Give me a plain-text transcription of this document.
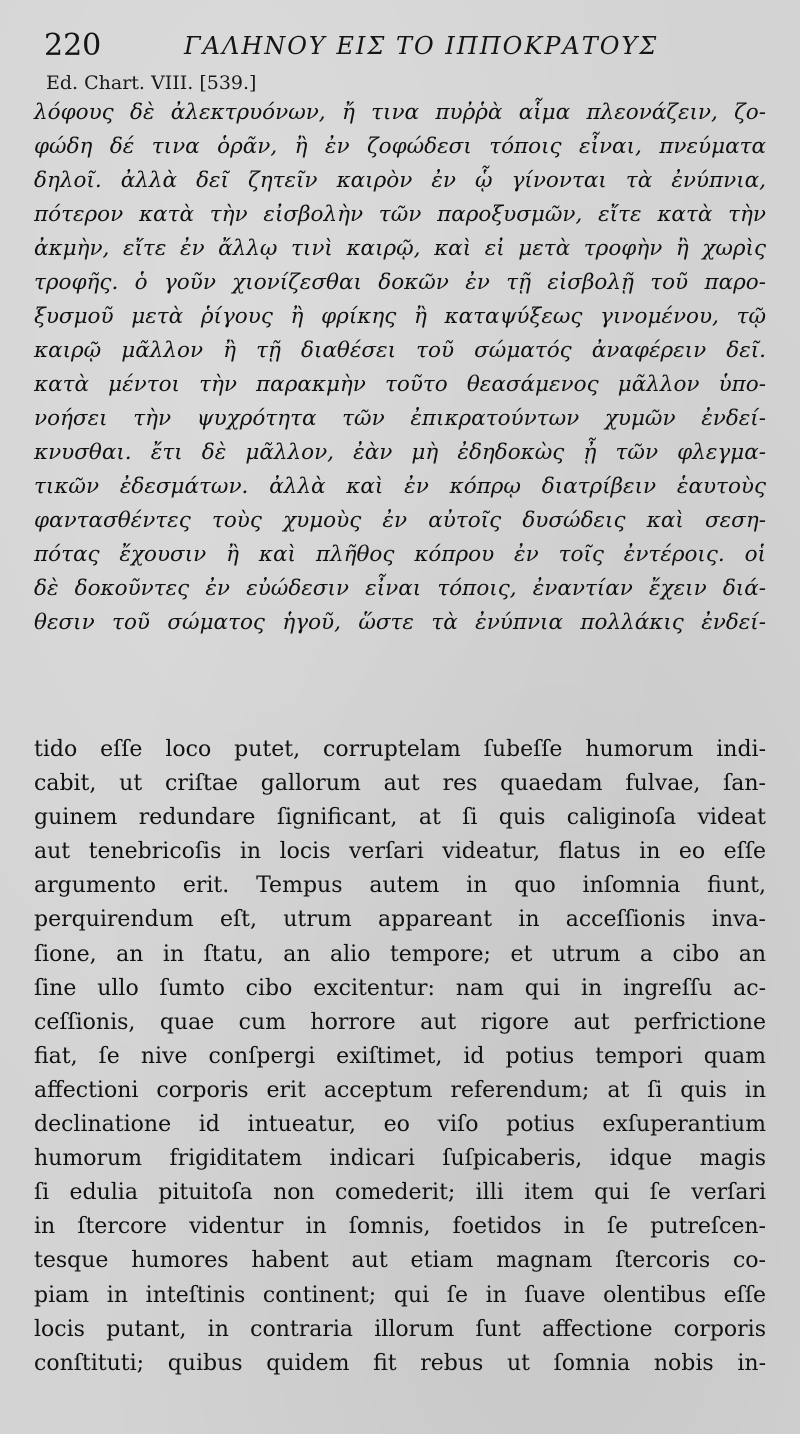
220	ΓΑΛΗΝΟΥ ΕΙΣ ΤΟ ΙΠΠΟΚΡΑΤΟΥΣ
Ed. Chart. VIII. [539.]
λόφους δὲ ἀλεκτρυόνων, ἤ τινα πυῤῥὰ αἷμα πλεονάζειν, ζο-
φώδη δέ τινα ὁρᾶν, ἢ ἐν ζοφώδεσι τόποις εἶναι, πνεύματα
δηλοῖ. ἀλλὰ δεῖ ζητεῖν καιρὸν ἐν ᾧ γίνονται τὰ ἐνύπνια,
πότερον κατὰ τὴν εἰσβολὴν τῶν παροξυσμῶν, εἴτε κατὰ τὴν
ἀκμὴν, εἴτε ἐν ἄλλῳ τινὶ καιρῷ, καὶ εἰ μετὰ τροφὴν ἢ χωρὶς
τροφῆς. ὁ γοῦν χιονίζεσθαι δοκῶν ἐν τῇ εἰσβολῇ τοῦ παρο-
ξυσμοῦ μετὰ ῥίγους ἢ φρίκης ἢ καταψύξεως γινομένου, τῷ
καιρῷ μᾶλλον ἢ τῇ διαθέσει τοῦ σώματός ἀναφέρειν δεῖ.
κατὰ μέντοι τὴν παρακμὴν τοῦτο θεασάμενος μᾶλλον ὑπο-
νοήσει τὴν ψυχρότητα τῶν ἐπικρατούντων χυμῶν ἐνδεί-
κνυσθαι. ἔτι δὲ μᾶλλον, ἐὰν μὴ ἐδηδοκὼς ᾖ τῶν φλεγμα-
τικῶν ἐδεσμάτων. ἀλλὰ καὶ ἐν κόπρῳ διατρίβειν ἑαυτοὺς
φαντασθέντες τοὺς χυμοὺς ἐν αὐτοῖς δυσώδεις καὶ σεση-
πότας ἔχουσιν ἢ καὶ πλῆθος κόπρου ἐν τοῖς ἐντέροις. οἱ
δὲ δοκοῦντες ἐν εὐώδεσιν εἶναι τόποις, ἐναντίαν ἔχειν διά-
θεσιν τοῦ σώματος ἡγοῦ, ὥστε τὰ ἐνύπνια πολλάκις ἐνδεί-
tido eſſe loco putet, corruptelam ſubeſſe humorum indi-
cabit, ut criſtae gallorum aut res quaedam fulvae, ſan-
guinem redundare ſignificant, at ſi quis caliginoſa videat
aut tenebricoſis in locis verſari videatur, flatus in eo eſſe
argumento erit. Tempus autem in quo inſomnia fiunt,
perquirendum eſt, utrum appareant in acceſſionis inva-
ſione, an in ſtatu, an alio tempore; et utrum a cibo an
ſine ullo ſumto cibo excitentur: nam qui in ingreſſu ac-
ceſſionis, quae cum horrore aut rigore aut perfrictione
fiat, ſe nive conſpergi exiſtimet, id potius tempori quam
affectioni corporis erit acceptum referendum; at ſi quis in
declinatione id intueatur, eo viſo potius exſuperantium
humorum frigiditatem indicari ſuſpicaberis, idque magis
ſi edulia pituitoſa non comederit; illi item qui ſe verſari
in ſtercore videntur in ſomnis, foetidos in ſe putreſcen-
tesque humores habent aut etiam magnam ſtercoris co-
piam in inteſtinis continent; qui ſe in ſuave olentibus eſſe
locis putant, in contraria illorum ſunt affectione corporis
conſtituti; quibus quidem fit rebus ut ſomnia nobis in-
